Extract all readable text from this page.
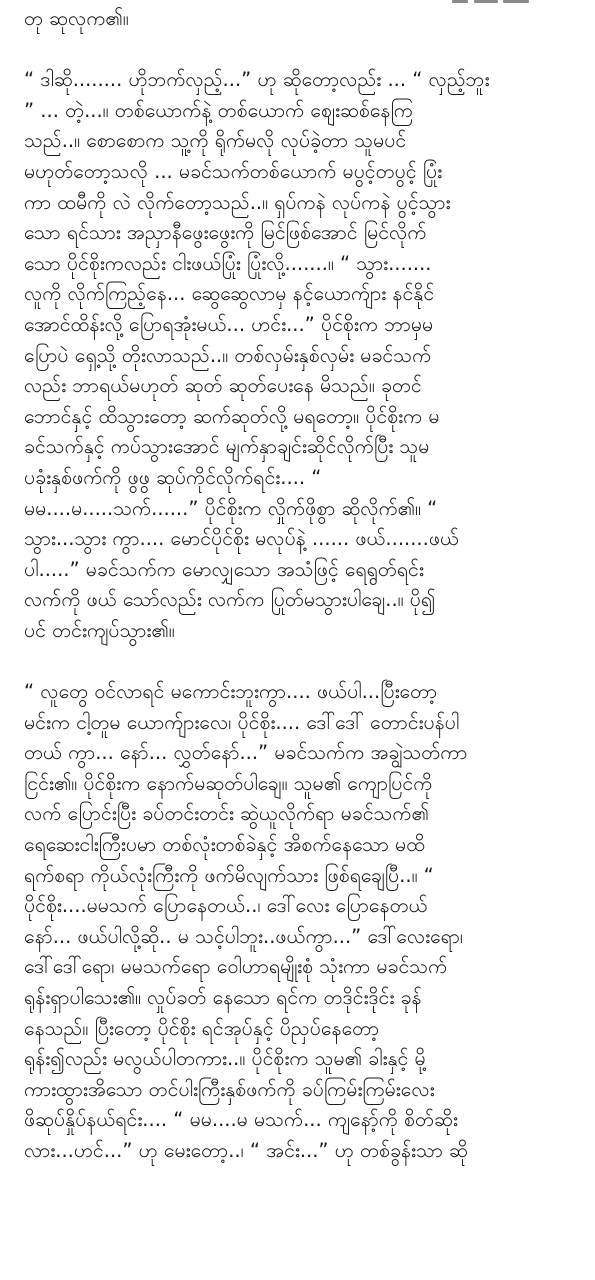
တု ဆုလုက၏။
“ ဒါဆို........ ဟိုဘက်လှည့်...” ဟု ဆိုတော့လည်း ... “ လှည့်ဘူး
” ... တဲ့...။ တစ်ယောက်နဲ့ တစ်ယောက် စျေးဆစ်နေကြ
သည်..။ စောစောက သူ့ကို ရိုက်မလို လုပ်ခဲ့တာ သူမပင်
မဟုတ်တော့သလို ... မခင်သက်တစ်ယောက် မပွင့်တပွင့် ပြုံး
ကာ ထမီကို လဲ လိုက်တော့သည်..။ ရှပ်ကနဲ လုပ်ကနဲ ပွင့်သွား
သော ရင်သား အညှာနီဖွေးဖွေးကို မြင်ဖြစ်အောင် မြင်လိုက်
သော ပိုင်စိုးကလည်း ငါးဖယ်ပြုံး ပြုံးလို့.......။ “ သွား.......
လူကို လိုက်ကြည့်နေ... ဆွေဆွေလာမှ နင့်ယောက်ျား နင်နိုင်
အောင်ထိန်းလို့ ပြောရအုံးမယ်... ဟင်း...” ပိုင်စိုးက ဘာမှမ
ပြောပဲ ရှေ့သို့ တိုးလာသည်..။ တစ်လှမ်းနှစ်လှမ်း မခင်သက်
လည်း ဘာရယ်မဟုတ် ဆုတ် ဆုတ်ပေးနေ မိသည်။ ခုတင်
ဘောင်နှင့် ထိသွားတော့ ဆက်ဆုတ်လို့ မရတော့။ ပိုင်စိုးက မ
ခင်သက်နှင့် ကပ်သွားအောင် မျက်နှာချင်းဆိုင်လိုက်ပြီး သူမ
ပခုံးနှစ်ဖက်ကို ဖွဖွ ဆုပ်ကိုင်လိုက်ရင်း.... “
မမ....မ.....သက်......” ပိုင်စိုးက လှိုက်ဖိုစွာ ဆိုလိုက်၏။ “
သွား...သွား ကွာ.... မောင်ပိုင်စိုး မလုပ်နဲ့ ...... ဖယ်.......ဖယ်
ပါ.....” မခင်သက်က မောလျှသော အသံဖြင့် ရေရွတ်ရင်း
လက်ကို ဖယ် သော်လည်း လက်က ပြုတ်မသွားပါချေ..။ ပို၍
ပင် တင်းကျပ်သွား၏။
“ လူတွေ ဝင်လာရင် မကောင်းဘူးကွာ.... ဖယ်ပါ...ပြီးတော့
မင်းက ငါ့တူမ ယောက်ျားလေ၊ ပိုင်စိုး.... ဒေါ်ဒေါ် တောင်းပန်ပါ
တယ် ကွာ... နော်... လွှတ်နော်...” မခင်သက်က အချွဲသတ်ကာ
ငြင်း၏။ ပိုင်စိုးက နောက်မဆုတ်ပါချေ။ သူမ၏ ကျောပြင်ကို
လက် ပြောင်းပြီး ခပ်တင်းတင်း ဆွဲယူလိုက်ရာ မခင်သက်၏
ရေဆေးငါးကြီးပမာ တစ်လုံးတစ်ခဲနှင့် အိစက်နေသော မထိ
ရက်စရာ ကိုယ်လုံးကြီးကို ဖက်မိလျက်သား ဖြစ်ရချေပြီ..။ “
ပိုင်စိုး....မမသက် ပြောနေတယ်..၊ ဒေါ်လေး ပြောနေတယ်
နော်... ဖယ်ပါလို့ဆို.. မ သင့်ပါဘူး..ဖယ်ကွာ...” ဒေါ်လေးရော၊
ဒေါ်ဒေါ်ရော၊ မမသက်ရော ဝေါဟာရမျိုးစုံ သုံးကာ မခင်သက်
ရုန်းရှာပါသေး၏။ လှုပ်ခတ် နေသော ရင်က တဒိုင်းဒိုင်း ခုန်
နေသည်။ ပြီးတော့ ပိုင်စိုး ရင်အုပ်နှင့် ပိညှပ်နေတော့
ရုန်း၍လည်း မလွယ်ပါတကား..။ ပိုင်စိုးက သူမ၏ ခါးနှင့် မို့
ကားထွားအိသော တင်ပါးကြီးနှစ်ဖက်ကို ခပ်ကြမ်းကြမ်းလေး
ဖိဆုပ်နှိုပ်နယ်ရင်း.... “ မမ....မ မသက်... ကျနော့်ကို စိတ်ဆိုး
လား...ဟင်...” ဟု မေးတော့..၊ “ အင်း...” ဟု တစ်ခွန်းသာ ဆို
